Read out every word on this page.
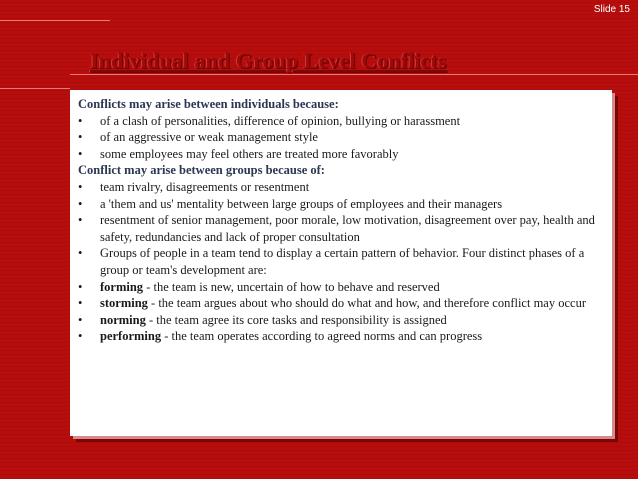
Slide 15
Individual and Group Level Conflicts
Conflicts may arise between individuals because:
•	of a clash of personalities, difference of opinion, bullying or harassment
•	of an aggressive or weak management style
•	some employees may feel others are treated more favorably
Conflict may arise between groups because of:
•	team rivalry, disagreements or resentment
•	a 'them and us' mentality between large groups of employees and their managers
•	resentment of senior management, poor morale, low motivation, disagreement over pay, health and safety, redundancies and lack of proper consultation
•	Groups of people in a team tend to display a certain pattern of behavior. Four distinct phases of a group or team's development are:
•	forming - the team is new, uncertain of how to behave and reserved
•	storming - the team argues about who should do what and how, and therefore conflict may occur
•	norming - the team agree its core tasks and responsibility is assigned
•	performing - the team operates according to agreed norms and can progress
